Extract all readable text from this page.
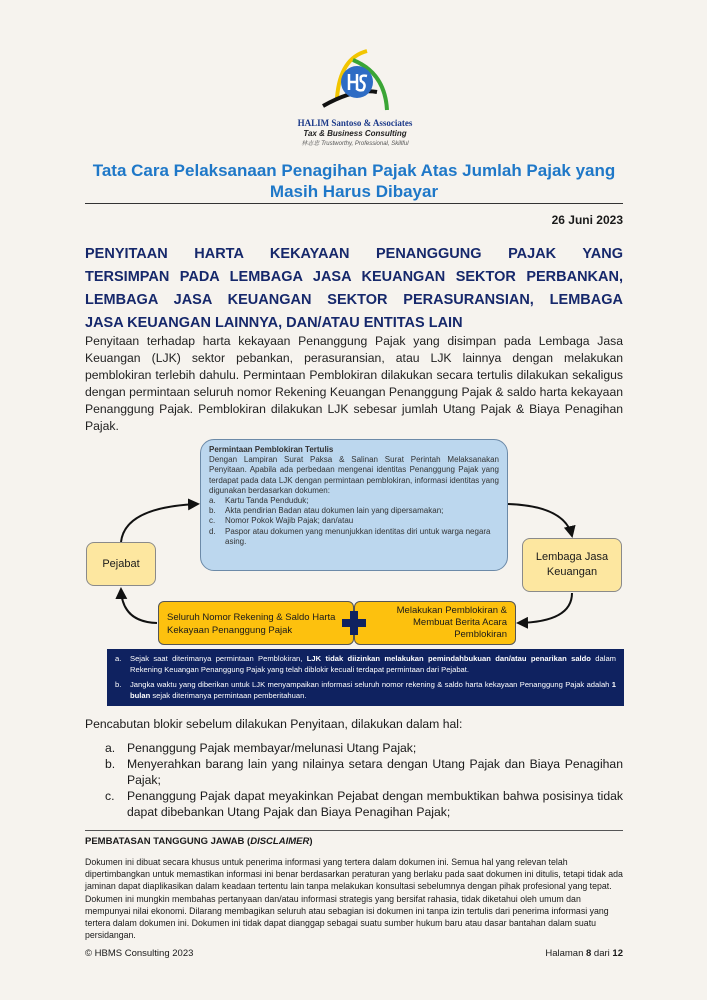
HALIM Santoso & Associates
Tax & Business Consulting
林志忠 Trustworthy, Professional, Skillful
Tata Cara Pelaksanaan Penagihan Pajak Atas Jumlah Pajak yang Masih Harus Dibayar
26 Juni 2023
PENYITAAN HARTA KEKAYAAN PENANGGUNG PAJAK YANG
TERSIMPAN PADA LEMBAGA JASA KEUANGAN SEKTOR PERBANKAN,
LEMBAGA JASA KEUANGAN SEKTOR PERASURANSIAN, LEMBAGA
JASA KEUANGAN LAINNYA, DAN/ATAU ENTITAS LAIN

Penyitaan terhadap harta kekayaan Penanggung Pajak yang disimpan pada Lembaga Jasa Keuangan (LJK) sektor pebankan, perasuransian, atau LJK lainnya dengan melakukan pemblokiran terlebih dahulu. Permintaan Pemblokiran dilakukan secara tertulis dilakukan sekaligus dengan permintaan seluruh nomor Rekening Keuangan Penanggung Pajak & saldo harta kekayaan Penanggung Pajak. Pemblokiran dilakukan LJK sebesar jumlah Utang Pajak & Biaya Penagihan Pajak.

Permintaan Pemblokiran Tertulis
Dengan Lampiran Surat Paksa & Salinan Surat Perintah Melaksanakan Penyitaan. Apabila ada perbedaan mengenai identitas Penanggung Pajak yang terdapat pada data LJK dengan permintaan pemblokiran, informasi identitas yang digunakan berdasarkan dokumen:
a.	Kartu Tanda Penduduk;
b.	Akta pendirian Badan atau dokumen lain yang dipersamakan;
c.	Nomor Pokok Wajib Pajak; dan/atau
d.	Paspor atau dokumen yang menunjukkan identitas diri untuk warga negara asing.
Pejabat
Lembaga Jasa Keuangan
Seluruh Nomor Rekening & Saldo Harta Kekayaan Penanggung Pajak
Melakukan Pemblokiran & Membuat Berita Acara Pemblokiran
a.	Sejak saat diterimanya permintaan Pemblokiran, LJK tidak diizinkan melakukan pemindahbukuan dan/atau penarikan saldo dalam Rekening Keuangan Penanggung Pajak yang telah diblokir kecuali terdapat permintaan dari Pejabat.
b.	Jangka waktu yang diberikan untuk LJK menyampaikan informasi seluruh nomor rekening & saldo harta kekayaan Penanggung Pajak adalah 1 bulan sejak diterimanya permintaan pemberitahuan.

Pencabutan blokir sebelum dilakukan Penyitaan, dilakukan dalam hal:

a. Penanggung Pajak membayar/melunasi Utang Pajak;
b. Menyerahkan barang lain yang nilainya setara dengan Utang Pajak dan Biaya Penagihan Pajak;
c.	Penanggung Pajak dapat meyakinkan Pejabat dengan membuktikan bahwa posisinya tidak dapat dibebankan Utang Pajak dan Biaya Penagihan Pajak;
PEMBATASAN TANGGUNG JAWAB (DISCLAIMER)

Dokumen ini dibuat secara khusus untuk penerima informasi yang tertera dalam dokumen ini. Semua hal yang relevan telah dipertimbangkan untuk memastikan informasi ini benar berdasarkan peraturan yang berlaku pada saat dokumen ini ditulis, tetapi tidak ada jaminan dapat diaplikasikan dalam keadaan tertentu lain tanpa melakukan konsultasi sebelumnya dengan pihak profesional yang tepat. Dokumen ini mungkin membahas pertanyaan dan/atau informasi strategis yang bersifat rahasia, tidak diketahui oleh umum dan mempunyai nilai ekonomi. Dilarang membagikan seluruh atau sebagian isi dokumen ini tanpa izin tertulis dari penerima informasi yang tertera dalam dokumen ini. Dokumen ini tidak dapat dianggap sebagai suatu sumber hukum baru atau dasar bantahan dalam suatu persidangan.

© HBMS Consulting 2023	Halaman 8 dari 12
